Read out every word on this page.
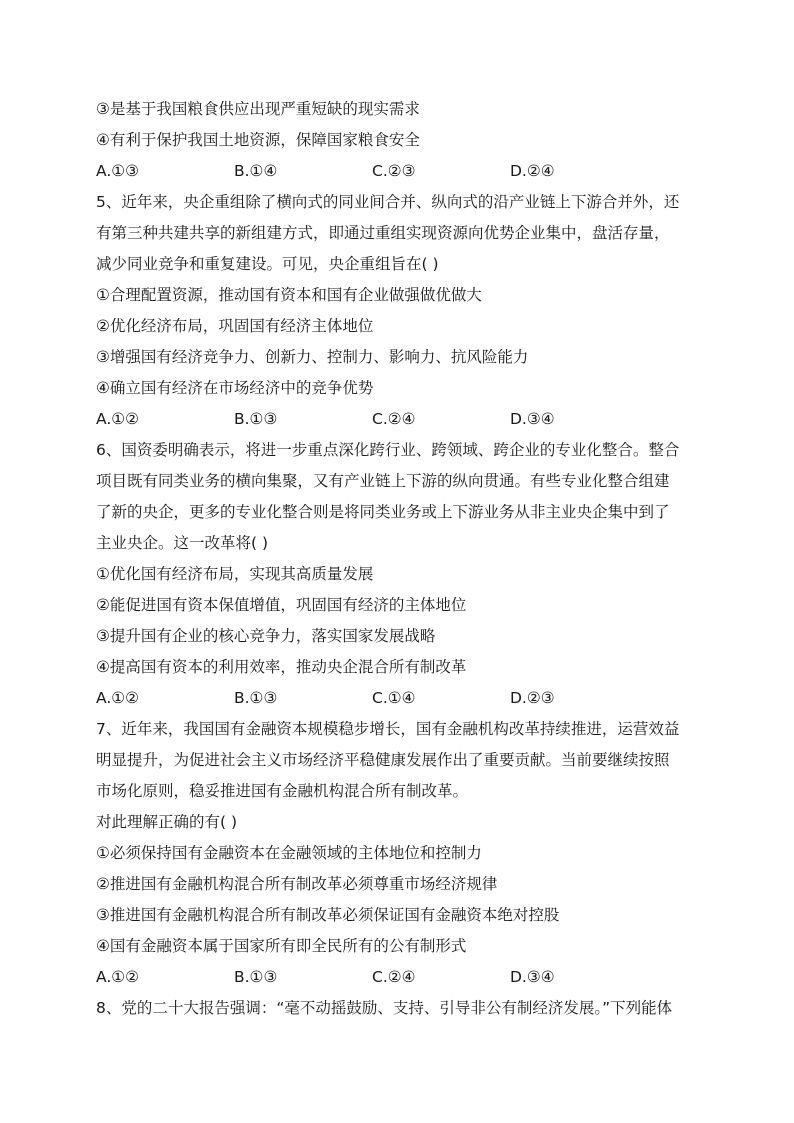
③是基于我国粮食供应出现严重短缺的现实需求
④有利于保护我国土地资源，保障国家粮食安全
A.①③	B.①④	C.②③	D.②④
5、近年来，央企重组除了横向式的同业间合并、纵向式的沿产业链上下游合并外，还
有第三种共建共享的新组建方式，即通过重组实现资源向优势企业集中，盘活存量，
减少同业竞争和重复建设。可见，央企重组旨在( )
①合理配置资源，推动国有资本和国有企业做强做优做大
②优化经济布局，巩固国有经济主体地位
③增强国有经济竞争力、创新力、控制力、影响力、抗风险能力
④确立国有经济在市场经济中的竞争优势
A.①②	B.①③	C.②④	D.③④
6、国资委明确表示，将进一步重点深化跨行业、跨领域、跨企业的专业化整合。整合
项目既有同类业务的横向集聚，又有产业链上下游的纵向贯通。有些专业化整合组建
了新的央企，更多的专业化整合则是将同类业务或上下游业务从非主业央企集中到了
主业央企。这一改革将( )
①优化国有经济布局，实现其高质量发展
②能促进国有资本保值增值，巩固国有经济的主体地位
③提升国有企业的核心竞争力，落实国家发展战略
④提高国有资本的利用效率，推动央企混合所有制改革
A.①②	B.①③	C.①④	D.②③
7、近年来，我国国有金融资本规模稳步增长，国有金融机构改革持续推进，运营效益
明显提升，为促进社会主义市场经济平稳健康发展作出了重要贡献。当前要继续按照
市场化原则，稳妥推进国有金融机构混合所有制改革。
对此理解正确的有( )
①必须保持国有金融资本在金融领域的主体地位和控制力
②推进国有金融机构混合所有制改革必须尊重市场经济规律
③推进国有金融机构混合所有制改革必须保证国有金融资本绝对控股
④国有金融资本属于国家所有即全民所有的公有制形式
A.①②	B.①③	C.②④	D.③④
8、党的二十大报告强调：“毫不动摇鼓励、支持、引导非公有制经济发展。”下列能体
